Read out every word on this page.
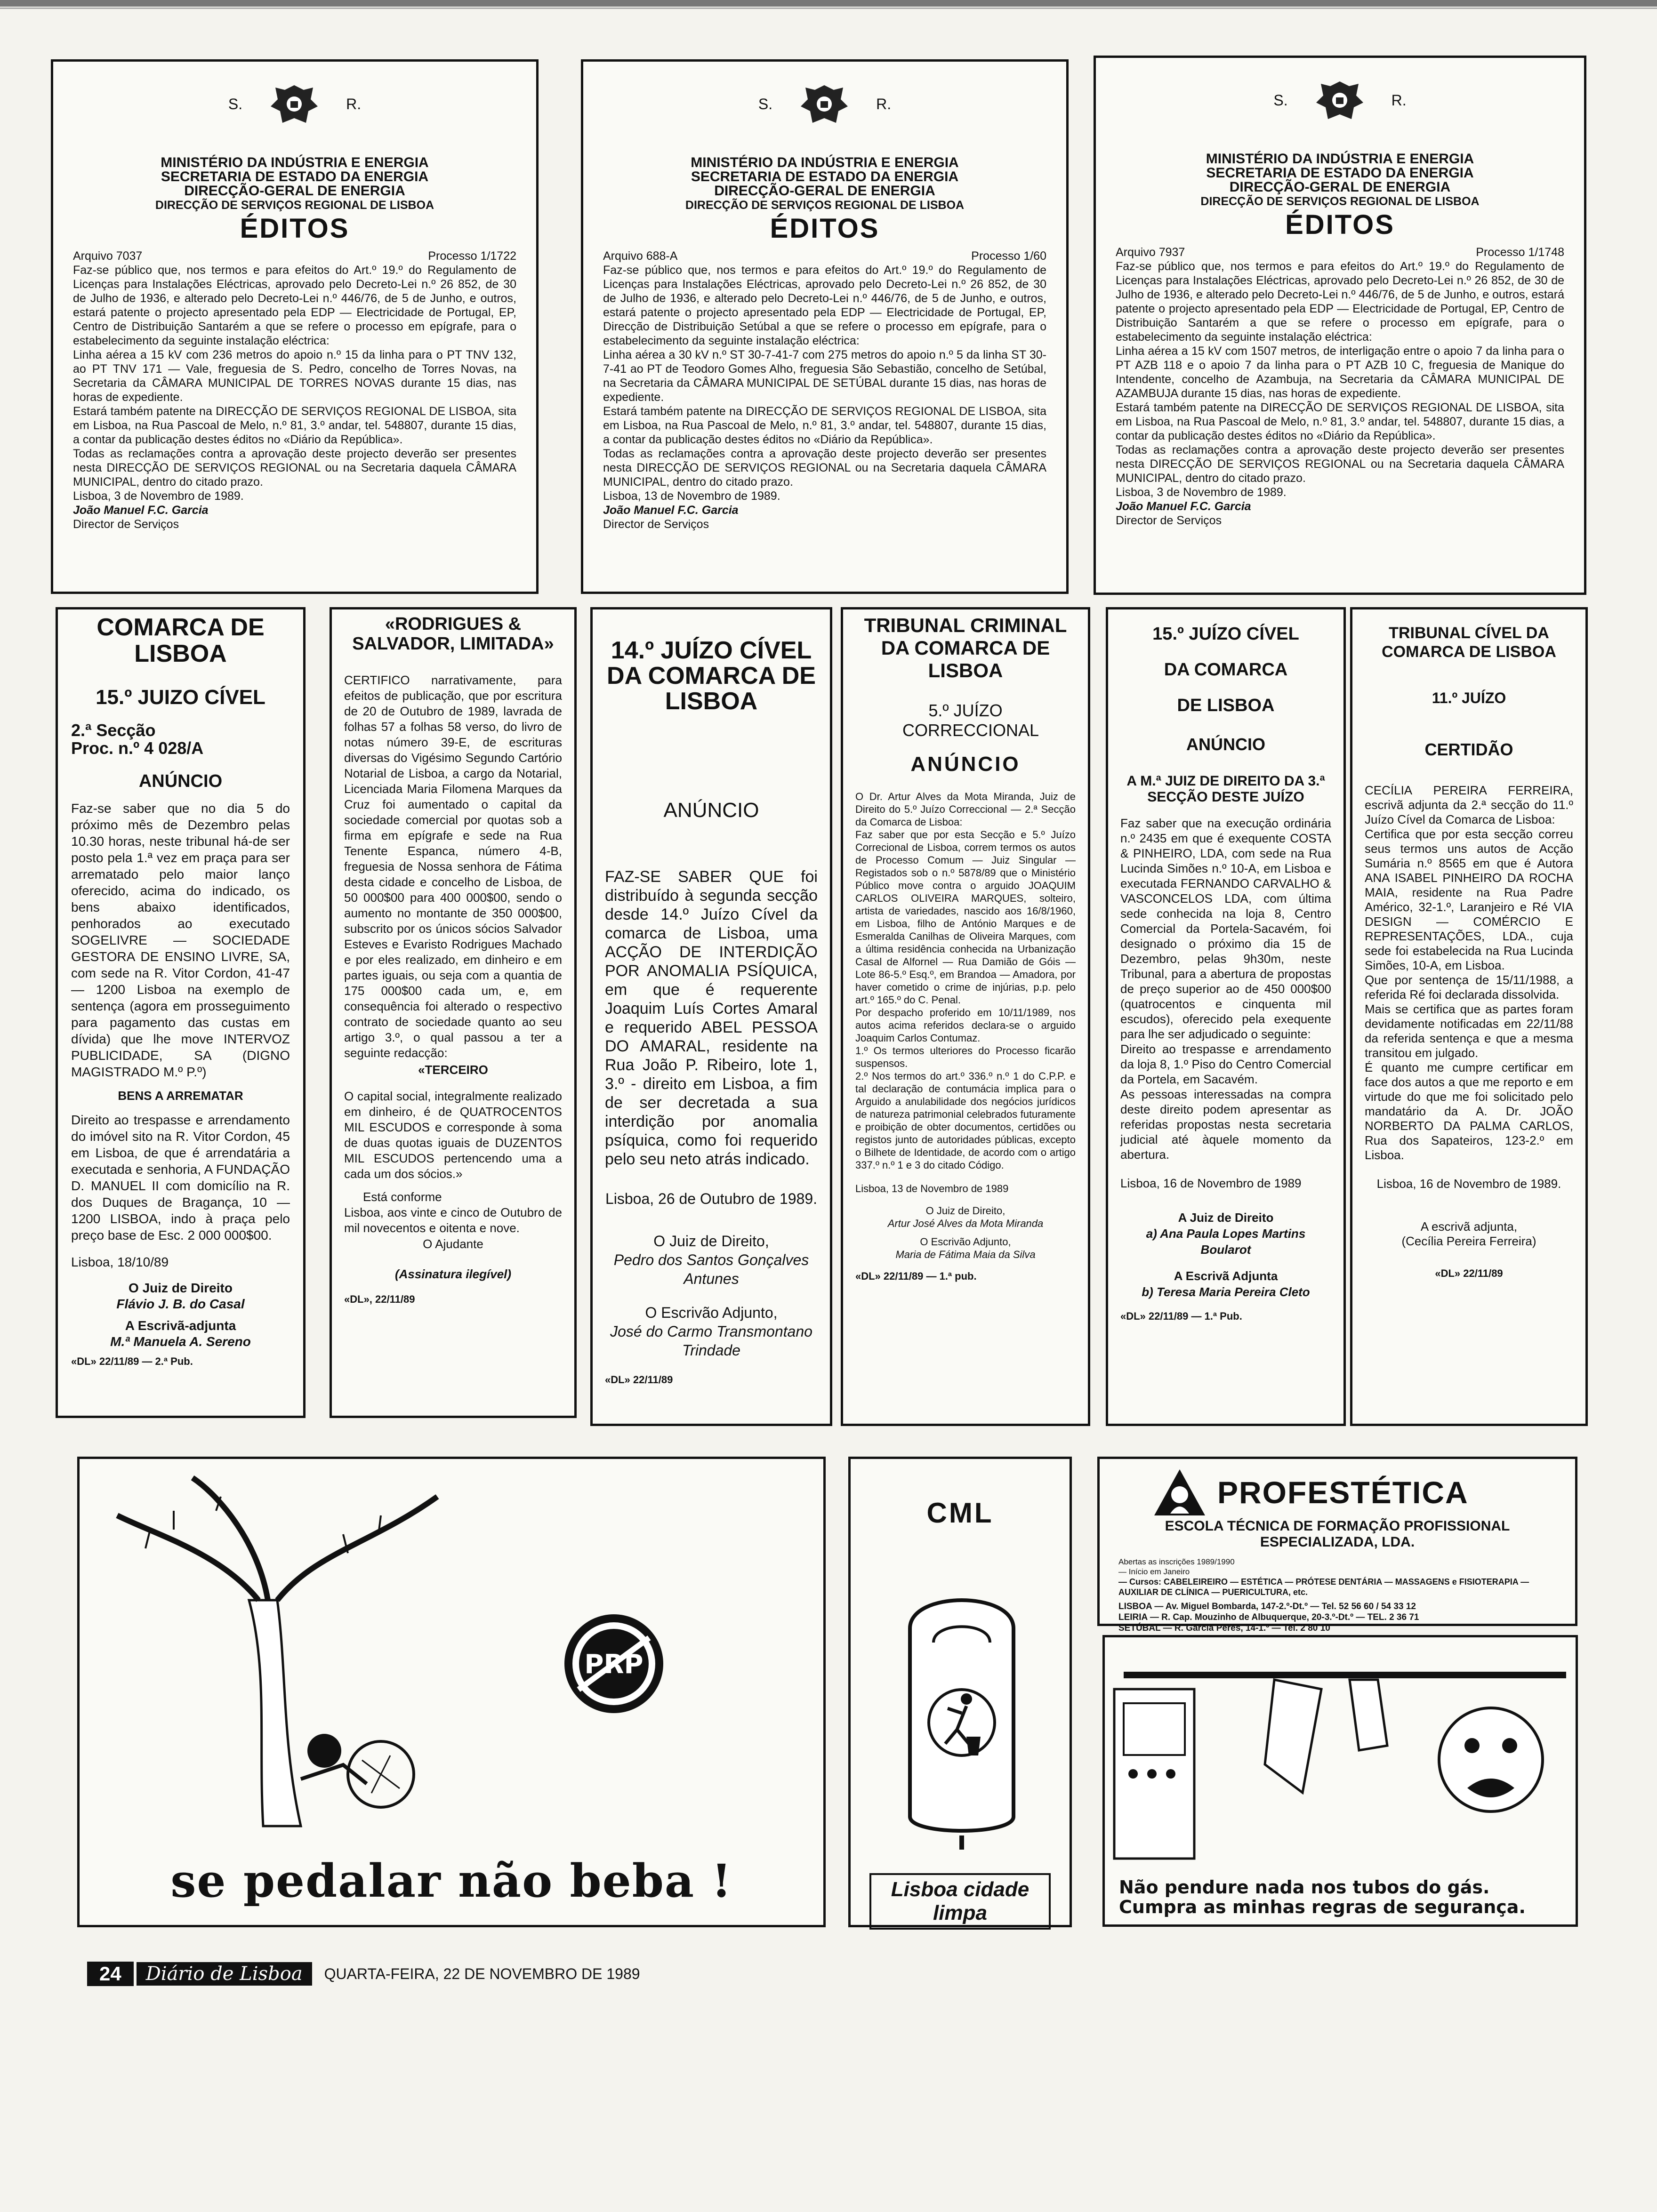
S.	R.
MINISTÉRIO DA INDÚSTRIA E ENERGIA
SECRETARIA DE ESTADO DA ENERGIA
DIRECÇÃO-GERAL DE ENERGIA
DIRECÇÃO DE SERVIÇOS REGIONAL DE LISBOA
ÉDITOS
Arquivo 7037	Processo 1/1722
Faz-se público que, nos termos e para efeitos do Art.º 19.º do Regulamento de Licenças para Instalações Eléctricas, aprovado pelo Decreto-Lei n.º 26 852, de 30 de Julho de 1936, e alterado pelo Decreto-Lei n.º 446/76, de 5 de Junho, e outros, estará patente o projecto apresentado pela EDP — Electricidade de Portugal, EP, Centro de Distribuição Santarém a que se refere o processo em epígrafe, para o estabelecimento da seguinte instalação eléctrica:
Linha aérea a 15 kV com 236 metros do apoio n.º 15 da linha para o PT TNV 132, ao PT TNV 171 — Vale, freguesia de S. Pedro, concelho de Torres Novas, na Secretaria da CÂMARA MUNICIPAL DE TORRES NOVAS durante 15 dias, nas horas de expediente.
Estará também patente na DIRECÇÃO DE SERVIÇOS REGIONAL DE LISBOA, sita em Lisboa, na Rua Pascoal de Melo, n.º 81, 3.º andar, tel. 548807, durante 15 dias, a contar da publicação destes éditos no «Diário da República».
Todas as reclamações contra a aprovação deste projecto deverão ser presentes nesta DIRECÇÃO DE SERVIÇOS REGIONAL ou na Secretaria daquela CÂMARA MUNICIPAL, dentro do citado prazo.
Lisboa, 3 de Novembro de 1989.
João Manuel F.C. Garcia
Director de Serviços
S.	R.
MINISTÉRIO DA INDÚSTRIA E ENERGIA
SECRETARIA DE ESTADO DA ENERGIA
DIRECÇÃO-GERAL DE ENERGIA
DIRECÇÃO DE SERVIÇOS REGIONAL DE LISBOA
ÉDITOS
Arquivo 688-A	Processo 1/60
Faz-se público que, nos termos e para efeitos do Art.º 19.º do Regulamento de Licenças para Instalações Eléctricas, aprovado pelo Decreto-Lei n.º 26 852, de 30 de Julho de 1936, e alterado pelo Decreto-Lei n.º 446/76, de 5 de Junho, e outros, estará patente o projecto apresentado pela EDP — Electricidade de Portugal, EP, Direcção de Distribuição Setúbal a que se refere o processo em epígrafe, para o estabelecimento da seguinte instalação eléctrica:
Linha aérea a 30 kV n.º ST 30-7-41-7 com 275 metros do apoio n.º 5 da linha ST 30-7-41 ao PT de Teodoro Gomes Alho, freguesia São Sebastião, concelho de Setúbal, na Secretaria da CÂMARA MUNICIPAL DE SETÚBAL durante 15 dias, nas horas de expediente.
Estará também patente na DIRECÇÃO DE SERVIÇOS REGIONAL DE LISBOA, sita em Lisboa, na Rua Pascoal de Melo, n.º 81, 3.º andar, tel. 548807, durante 15 dias, a contar da publicação destes éditos no «Diário da República».
Todas as reclamações contra a aprovação deste projecto deverão ser presentes nesta DIRECÇÃO DE SERVIÇOS REGIONAL ou na Secretaria daquela CÂMARA MUNICIPAL, dentro do citado prazo.
Lisboa, 13 de Novembro de 1989.
João Manuel F.C. Garcia
Director de Serviços
S.	R.
MINISTÉRIO DA INDÚSTRIA E ENERGIA
SECRETARIA DE ESTADO DA ENERGIA
DIRECÇÃO-GERAL DE ENERGIA
DIRECÇÃO DE SERVIÇOS REGIONAL DE LISBOA
ÉDITOS
Arquivo 7937	Processo 1/1748
Faz-se público que, nos termos e para efeitos do Art.º 19.º do Regulamento de Licenças para Instalações Eléctricas, aprovado pelo Decreto-Lei n.º 26 852, de 30 de Julho de 1936, e alterado pelo Decreto-Lei n.º 446/76, de 5 de Junho, e outros, estará patente o projecto apresentado pela EDP — Electricidade de Portugal, EP, Centro de Distribuição Santarém a que se refere o processo em epígrafe, para o estabelecimento da seguinte instalação eléctrica:
Linha aérea a 15 kV com 1507 metros, de interligação entre o apoio 7 da linha para o PT AZB 118 e o apoio 7 da linha para o PT AZB 10 C, freguesia de Manique do Intendente, concelho de Azambuja, na Secretaria da CÂMARA MUNICIPAL DE AZAMBUJA durante 15 dias, nas horas de expediente.
Estará também patente na DIRECÇÃO DE SERVIÇOS REGIONAL DE LISBOA, sita em Lisboa, na Rua Pascoal de Melo, n.º 81, 3.º andar, tel. 548807, durante 15 dias, a contar da publicação destes éditos no «Diário da República».
Todas as reclamações contra a aprovação deste projecto deverão ser presentes nesta DIRECÇÃO DE SERVIÇOS REGIONAL ou na Secretaria daquela CÂMARA MUNICIPAL, dentro do citado prazo.
Lisboa, 3 de Novembro de 1989.
João Manuel F.C. Garcia
Director de Serviços
COMARCA DE LISBOA
15.º JUIZO CÍVEL
2.ª Secção
Proc. n.º 4 028/A
ANÚNCIO
Faz-se saber que no dia 5 do próximo mês de Dezembro pelas 10.30 horas, neste tribunal há-de ser posto pela 1.ª vez em praça para ser arrematado pelo maior lanço oferecido, acima do indicado, os bens abaixo identificados, penhorados ao executado SOGELIVRE — SOCIEDADE GESTORA DE ENSINO LIVRE, SA, com sede na R. Vitor Cordon, 41-47 — 1200 Lisboa na exemplo de sentença (agora em prosseguimento para pagamento das custas em dívida) que lhe move INTERVOZ PUBLICIDADE, SA (DIGNO MAGISTRADO M.º P.º)
BENS A ARREMATAR
Direito ao trespasse e arrendamento do imóvel sito na R. Vitor Cordon, 45 em Lisboa, de que é arrendatária a executada e senhoria, A FUNDAÇÃO D. MANUEL II com domicílio na R. dos Duques de Bragança, 10 — 1200 LISBOA, indo à praça pelo preço base de Esc. 2 000 000$00.
Lisboa, 18/10/89
O Juiz de Direito
Flávio J. B. do Casal
A Escrivã-adjunta
M.ª Manuela A. Sereno
«DL» 22/11/89 — 2.ª Pub.
«RODRIGUES & SALVADOR, LIMITADA»
CERTIFICO narrativamente, para efeitos de publicação, que por escritura de 20 de Outubro de 1989, lavrada de folhas 57 a folhas 58 verso, do livro de notas número 39-E, de escrituras diversas do Vigésimo Segundo Cartório Notarial de Lisboa, a cargo da Notarial, Licenciada Maria Filomena Marques da Cruz foi aumentado o capital da sociedade comercial por quotas sob a firma em epígrafe e sede na Rua Tenente Espanca, número 4-B, freguesia de Nossa senhora de Fátima desta cidade e concelho de Lisboa, de 50 000$00 para 400 000$00, sendo o aumento no montante de 350 000$00, subscrito por os únicos sócios Salvador Esteves e Evaristo Rodrigues Machado e por eles realizado, em dinheiro e em partes iguais, ou seja com a quantia de 175 000$00 cada um, e, em consequência foi alterado o respectivo contrato de sociedade quanto ao seu artigo 3.º, o qual passou a ter a seguinte redacção:
«TERCEIRO
O capital social, integralmente realizado em dinheiro, é de QUATROCENTOS MIL ESCUDOS e corresponde à soma de duas quotas iguais de DUZENTOS MIL ESCUDOS pertencendo uma a cada um dos sócios.»
Está conforme
Lisboa, aos vinte e cinco de Outubro de mil novecentos e oitenta e nove.
O Ajudante
(Assinatura ilegível)
«DL», 22/11/89
14.º JUÍZO CÍVEL DA COMARCA DE LISBOA
ANÚNCIO
FAZ-SE SABER QUE foi distribuído à segunda secção desde 14.º Juízo Cível da comarca de Lisboa, uma ACÇÃO DE INTERDIÇÃO POR ANOMALIA PSÍQUICA, em que é requerente Joaquim Luís Cortes Amaral e requerido ABEL PESSOA DO AMARAL, residente na Rua João P. Ribeiro, lote 1, 3.º - direito em Lisboa, a fim de ser decretada a sua interdição por anomalia psíquica, como foi requerido pelo seu neto atrás indicado.
Lisboa, 26 de Outubro de 1989.
O Juiz de Direito,
Pedro dos Santos Gonçalves Antunes
O Escrivão Adjunto,
José do Carmo Transmontano Trindade
«DL» 22/11/89
TRIBUNAL CRIMINAL DA COMARCA DE LISBOA
5.º JUÍZO CORRECCIONAL
ANÚNCIO
O Dr. Artur Alves da Mota Miranda, Juiz de Direito do 5.º Juízo Correccional — 2.ª Secção da Comarca de Lisboa:
Faz saber que por esta Secção e 5.º Juízo Correcional de Lisboa, correm termos os autos de Processo Comum — Juiz Singular — Registados sob o n.º 5878/89 que o Ministério Público move contra o arguido JOAQUIM CARLOS OLIVEIRA MARQUES, solteiro, artista de variedades, nascido aos 16/8/1960, em Lisboa, filho de António Marques e de Esmeralda Canilhas de Oliveira Marques, com a última residência conhecida na Urbanização Casal de Alfornel — Rua Damião de Góis — Lote 86-5.º Esq.º, em Brandoa — Amadora, por haver cometido o crime de injúrias, p.p. pelo art.º 165.º do C. Penal.
Por despacho proferido em 10/11/1989, nos autos acima referidos declara-se o arguido Joaquim Carlos Contumaz.
1.º Os termos ulteriores do Processo ficarão suspensos.
2.º Nos termos do art.º 336.º n.º 1 do C.P.P. e tal declaração de contumácia implica para o Arguido a anulabilidade dos negócios jurídicos de natureza patrimonial celebrados futuramente e proibição de obter documentos, certidões ou registos junto de autoridades públicas, excepto o Bilhete de Identidade, de acordo com o artigo 337.º n.º 1 e 3 do citado Código.
Lisboa, 13 de Novembro de 1989
O Juiz de Direito,
Artur José Alves da Mota Miranda
O Escrivão Adjunto,
Maria de Fátima Maia da Silva
«DL» 22/11/89 — 1.ª pub.
15.º JUÍZO CÍVEL
DA COMARCA
DE LISBOA
ANÚNCIO
A M.ª JUIZ DE DIREITO DA 3.ª SECÇÃO DESTE JUÍZO
Faz saber que na execução ordinária n.º 2435 em que é exequente COSTA & PINHEIRO, LDA, com sede na Rua Lucinda Simões n.º 10-A, em Lisboa e executada FERNANDO CARVALHO & VASCONCELOS LDA, com última sede conhecida na loja 8, Centro Comercial da Portela-Sacavém, foi designado o próximo dia 15 de Dezembro, pelas 9h30m, neste Tribunal, para a abertura de propostas de preço superior ao de 450 000$00 (quatrocentos e cinquenta mil escudos), oferecido pela exequente para lhe ser adjudicado o seguinte:
Direito ao trespasse e arrendamento da loja 8, 1.º Piso do Centro Comercial da Portela, em Sacavém.
As pessoas interessadas na compra deste direito podem apresentar as referidas propostas nesta secretaria judicial até àquele momento da abertura.
Lisboa, 16 de Novembro de 1989
A Juiz de Direito
a) Ana Paula Lopes Martins Boularot
A Escrivã Adjunta
b) Teresa Maria Pereira Cleto
«DL» 22/11/89 — 1.ª Pub.
TRIBUNAL CÍVEL DA COMARCA DE LISBOA
11.º JUÍZO
CERTIDÃO
CECÍLIA PEREIRA FERREIRA, escrivã adjunta da 2.ª secção do 11.º Juízo Cível da Comarca de Lisboa:
Certifica que por esta secção correu seus termos uns autos de Acção Sumária n.º 8565 em que é Autora ANA ISABEL PINHEIRO DA ROCHA MAIA, residente na Rua Padre Américo, 32-1.º, Laranjeiro e Ré VIA DESIGN — COMÉRCIO E REPRESENTAÇÕES, LDA., cuja sede foi estabelecida na Rua Lucinda Simões, 10-A, em Lisboa.
Que por sentença de 15/11/1988, a referida Ré foi declarada dissolvida.
Mais se certifica que as partes foram devidamente notificadas em 22/11/88 da referida sentença e que a mesma transitou em julgado.
É quanto me cumpre certificar em face dos autos a que me reporto e em virtude do que me foi solicitado pelo mandatário da A. Dr. JOÃO NORBERTO DA PALMA CARLOS, Rua dos Sapateiros, 123-2.º em Lisboa.
Lisboa, 16 de Novembro de 1989.
A escrivã adjunta,
(Cecília Pereira Ferreira)
«DL» 22/11/89
PRP
se pedalar não beba !
CML
Lisboa cidade limpa
PROFESTÉTICA
ESCOLA TÉCNICA DE FORMAÇÃO PROFISSIONAL
ESPECIALIZADA, LDA.
Abertas as inscrições 1989/1990
— Início em Janeiro
— Cursos: CABELEIREIRO — ESTÉTICA — PRÓTESE DENTÁRIA — MASSAGENS e FISIOTERAPIA — AUXILIAR DE CLÍNICA — PUERICULTURA, etc.
LISBOA — Av. Miguel Bombarda, 147-2.º-Dt.º — Tel. 52 56 60 / 54 33 12
LEIRIA — R. Cap. Mouzinho de Albuquerque, 20-3.º-Dt.º — TEL. 2 36 71
SETÚBAL — R. Garcia Peres, 14-1.º — Tel. 2 80 10
Não pendure nada nos tubos do gás.
Cumpra as minhas regras de segurança.
24	Diário de Lisboa	QUARTA-FEIRA, 22 DE NOVEMBRO DE 1989
